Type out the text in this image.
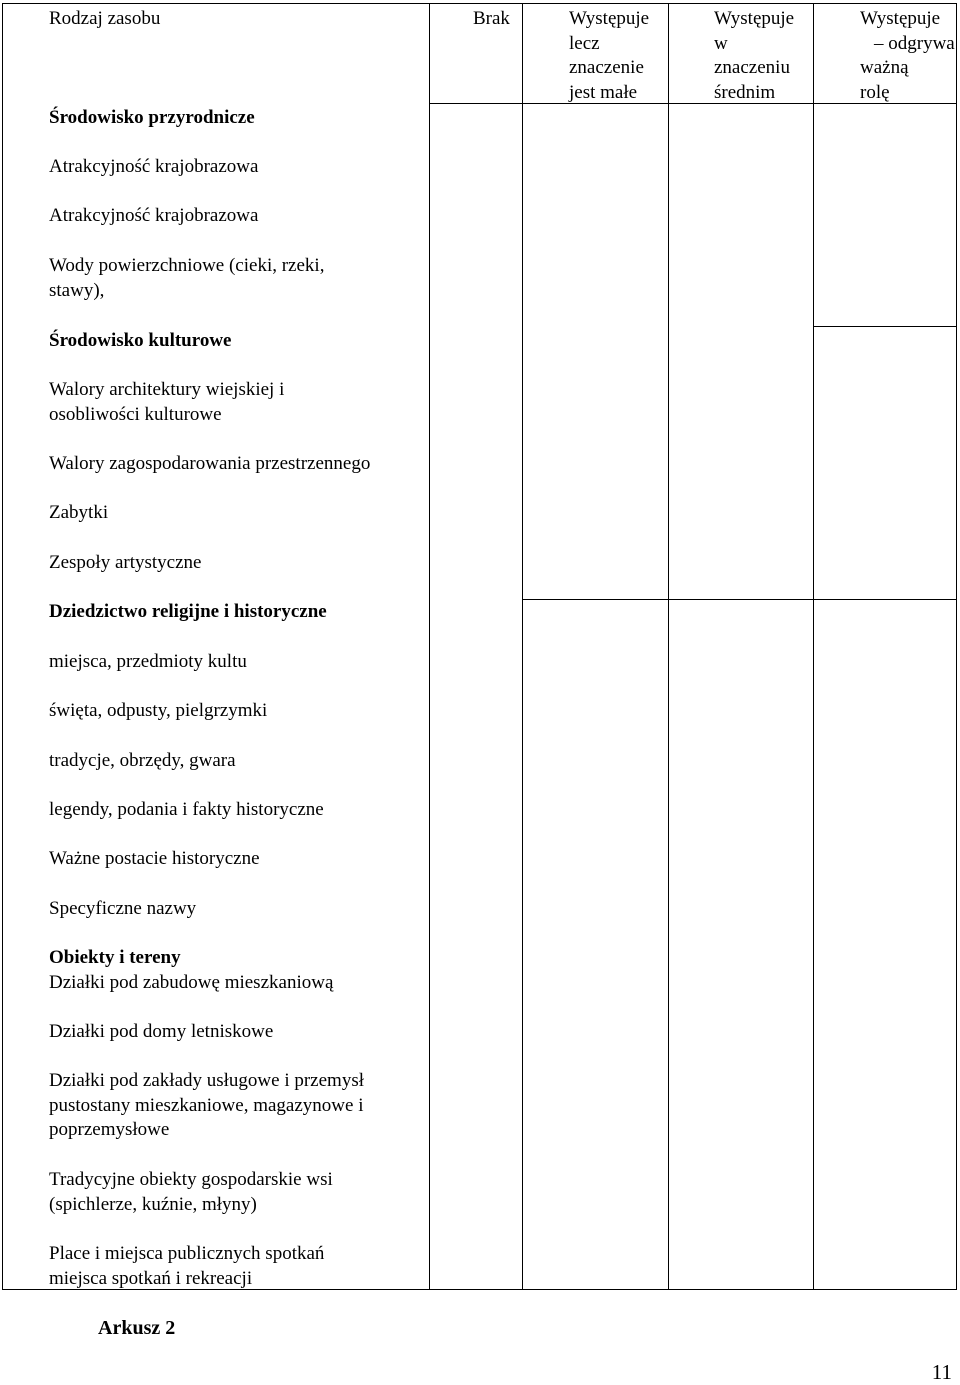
Rodzaj zasobu	Brak	Występuje
lecz
znaczenie
jest małe
Występuje
w
znaczeniu
średnim
Występuje
– odgrywa
ważną
rolę
Środowisko przyrodnicze
Atrakcyjność krajobrazowa
Atrakcyjność krajobrazowa
Wody powierzchniowe (cieki, rzeki,
stawy),
Środowisko kulturowe
Walory architektury wiejskiej i
osobliwości kulturowe
Walory zagospodarowania przestrzennego
Zabytki
Zespoły artystyczne
Dziedzictwo religijne i historyczne
miejsca, przedmioty kultu
święta, odpusty, pielgrzymki
tradycje, obrzędy, gwara
legendy, podania i fakty historyczne
Ważne postacie historyczne
Specyficzne nazwy
Obiekty i tereny
Działki pod zabudowę mieszkaniową
Działki pod domy letniskowe
Działki pod zakłady usługowe i przemysł
pustostany mieszkaniowe, magazynowe i
poprzemysłowe
Tradycyjne obiekty gospodarskie wsi
(spichlerze, kuźnie, młyny)
Place i miejsca publicznych spotkań
miejsca spotkań i rekreacji
Arkusz 2
11
